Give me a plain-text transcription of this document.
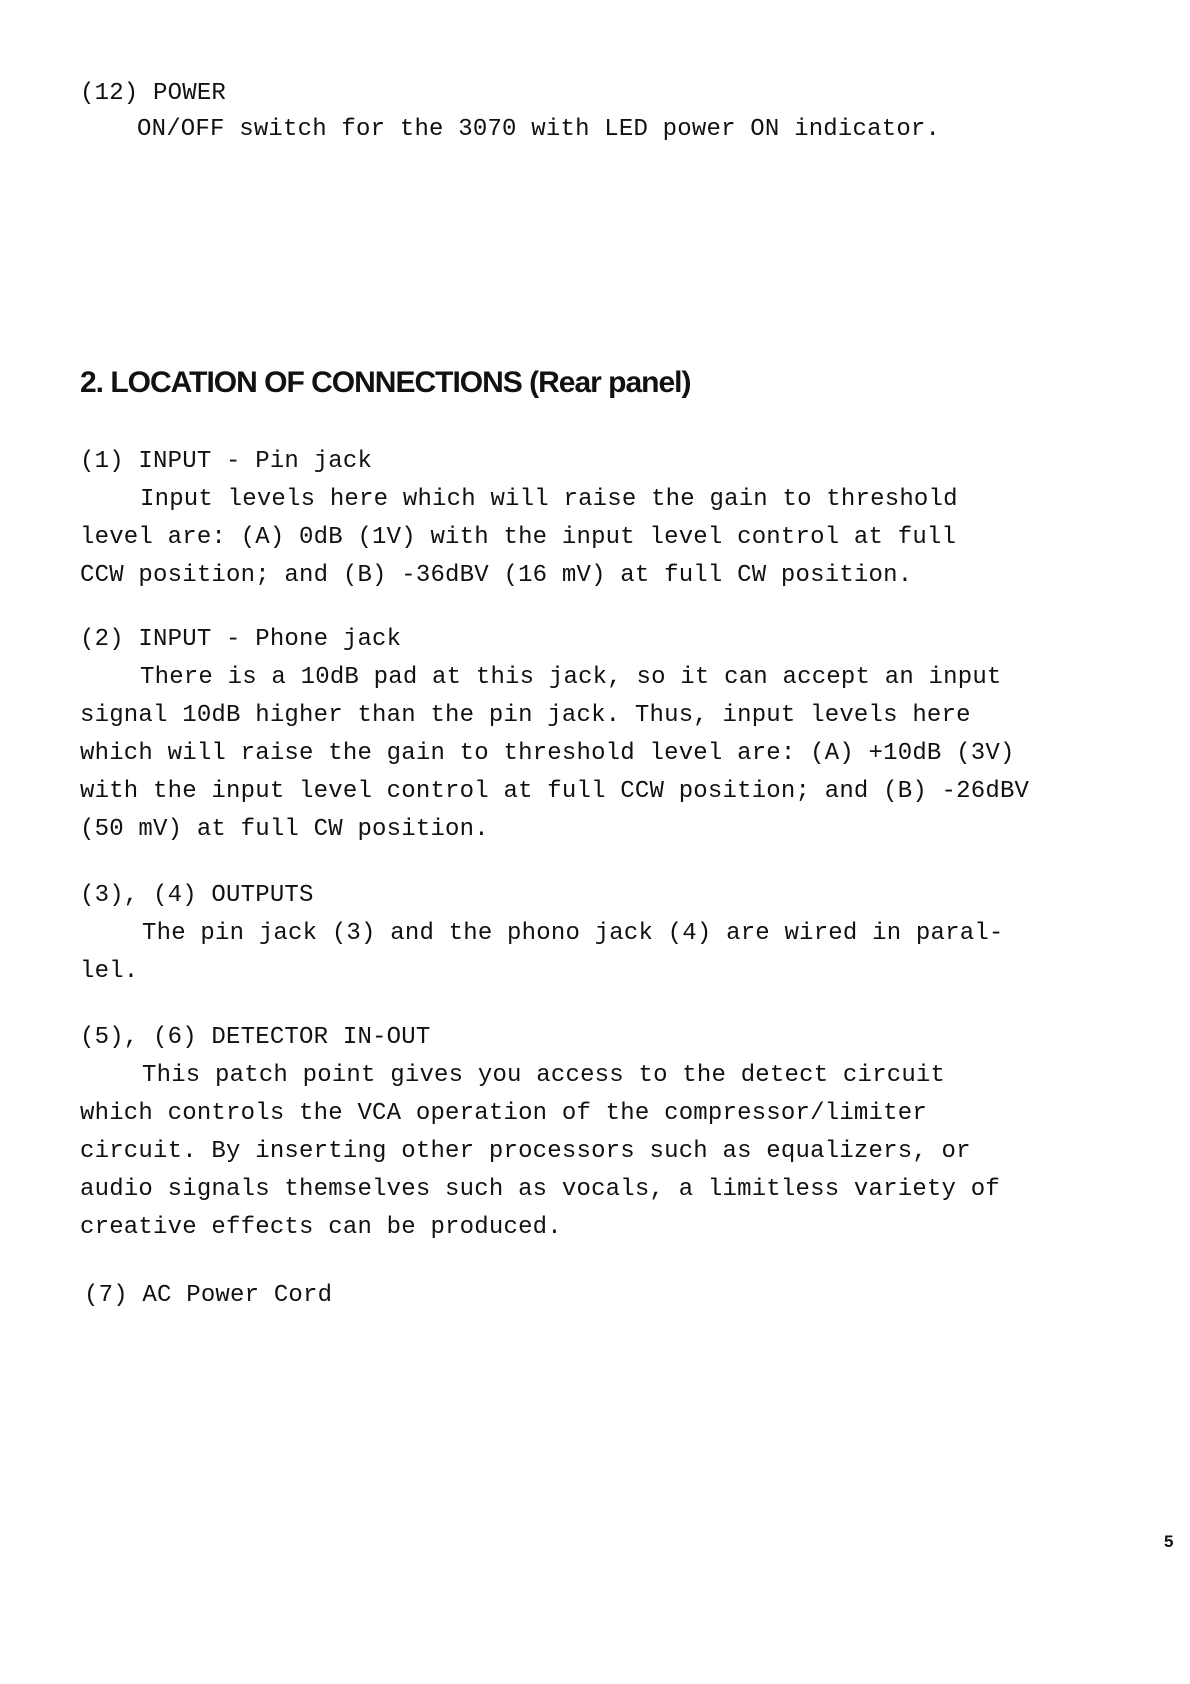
(12) POWER
ON/OFF switch for the 3070 with LED power ON indicator.
2. LOCATION OF CONNECTIONS (Rear panel)
(1) INPUT - Pin jack
Input levels here which will raise the gain to threshold
level are: (A) 0dB (1V) with the input level control at full
CCW position; and (B) -36dBV (16 mV) at full CW position.
(2) INPUT - Phone jack
There is a 10dB pad at this jack, so it can accept an input
signal 10dB higher than the pin jack. Thus, input levels here
which will raise the gain to threshold level are: (A) +10dB (3V)
with the input level control at full CCW position; and (B) -26dBV
(50 mV) at full CW position.
(3), (4) OUTPUTS
The pin jack (3) and the phono jack (4) are wired in paral-
lel.
(5), (6) DETECTOR IN-OUT
This patch point gives you access to the detect circuit
which controls the VCA operation of the compressor/limiter
circuit. By inserting other processors such as equalizers, or
audio signals themselves such as vocals, a limitless variety of
creative effects can be produced.
(7) AC Power Cord
5
